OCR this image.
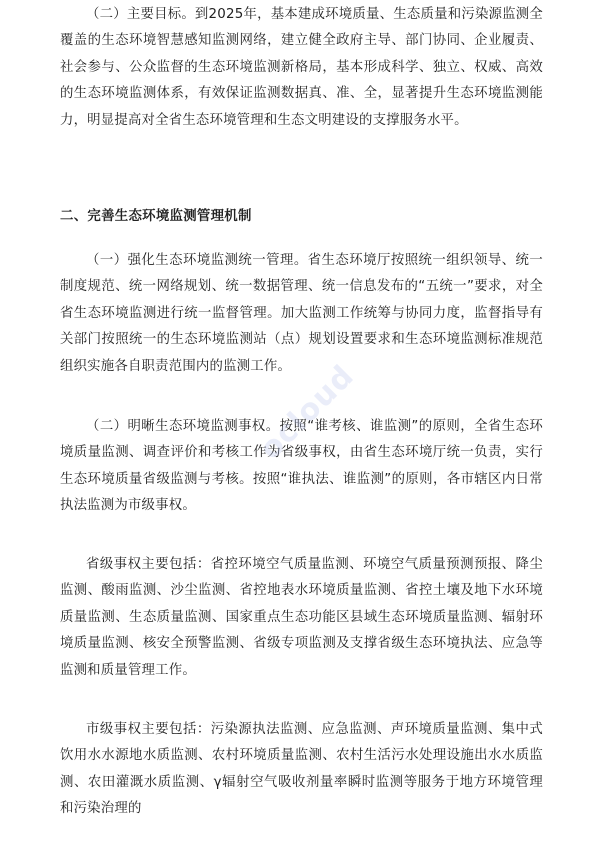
（二）主要目标。到2025年，基本建成环境质量、生态质量和污染源监测全覆盖的生态环境智慧感知监测网络，建立健全政府主导、部门协同、企业履责、社会参与、公众监督的生态环境监测新格局，基本形成科学、独立、权威、高效的生态环境监测体系，有效保证监测数据真、准、全，显著提升生态环境监测能力，明显提高对全省生态环境管理和生态文明建设的支撑服务水平。

二、完善生态环境监测管理机制

（一）强化生态环境监测统一管理。省生态环境厅按照统一组织领导、统一制度规范、统一网络规划、统一数据管理、统一信息发布的“五统一”要求，对全省生态环境监测进行统一监督管理。加大监测工作统筹与协同力度，监督指导有关部门按照统一的生态环境监测站（点）规划设置要求和生态环境监测标准规范组织实施各自职责范围内的监测工作。

（二）明晰生态环境监测事权。按照“谁考核、谁监测”的原则，全省生态环境质量监测、调查评价和考核工作为省级事权，由省生态环境厅统一负责，实行生态环境质量省级监测与考核。按照“谁执法、谁监测”的原则，各市辖区内日常执法监测为市级事权。

省级事权主要包括：省控环境空气质量监测、环境空气质量预测预报、降尘监测、酸雨监测、沙尘监测、省控地表水环境质量监测、省控土壤及地下水环境质量监测、生态质量监测、国家重点生态功能区县域生态环境质量监测、辐射环境质量监测、核安全预警监测、省级专项监测及支撑省级生态环境执法、应急等监测和质量管理工作。

市级事权主要包括：污染源执法监测、应急监测、声环境质量监测、集中式饮用水水源地水质监测、农村环境质量监测、农村生活污水处理设施出水水质监测、农田灌溉水质监测、γ辐射空气吸收剂量率瞬时监测等服务于地方环境管理和污染治理的

ocloud
